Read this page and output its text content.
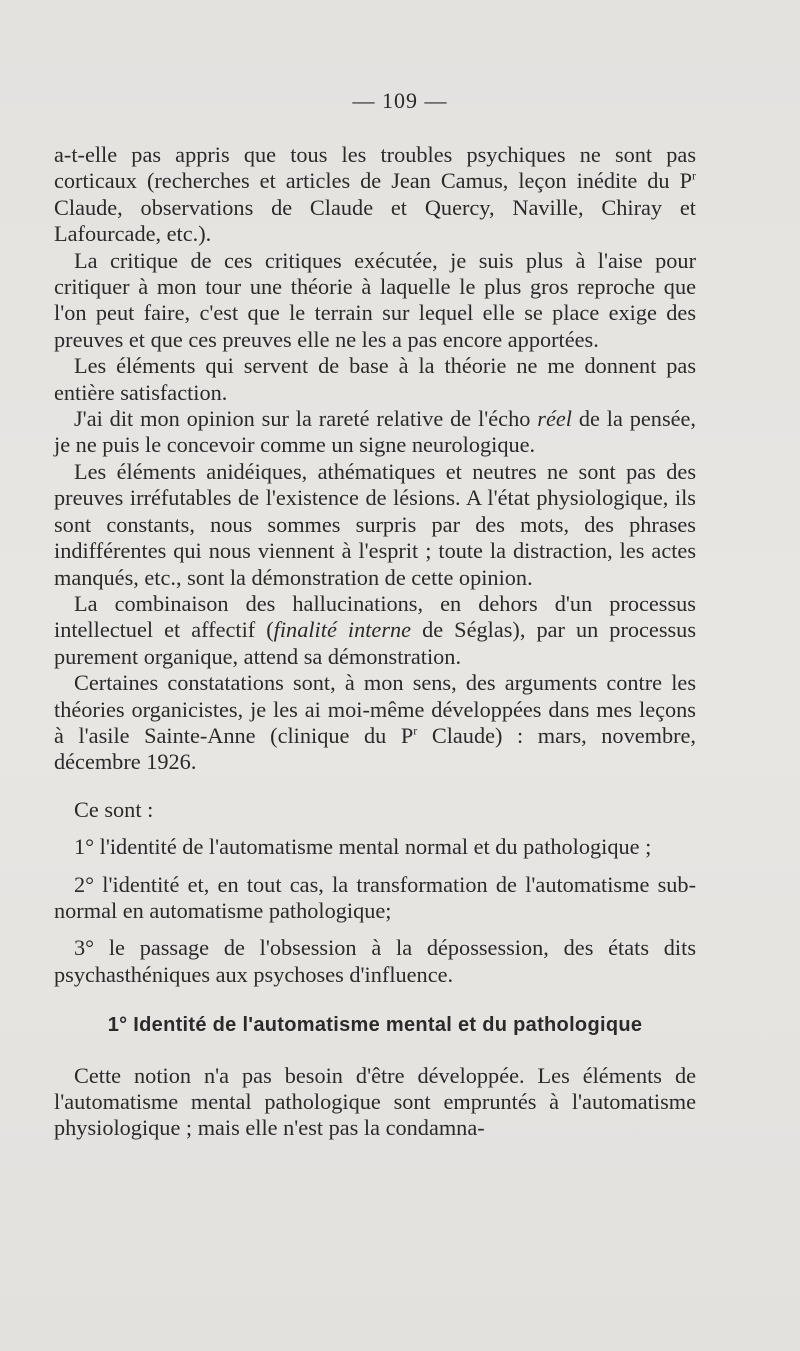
— 109 —

a-t-elle pas appris que tous les troubles psychiques ne sont pas corticaux (recherches et articles de Jean Camus, leçon inédite du $P^r$ Claude, observations de Claude et Quercy, Naville, Chiray et Lafourcade, etc.).

La critique de ces critiques exécutée, je suis plus à l'aise pour critiquer à mon tour une théorie à laquelle le plus gros reproche que l'on peut faire, c'est que le terrain sur lequel elle se place exige des preuves et que ces preuves elle ne les a pas encore apportées.

Les éléments qui servent de base à la théorie ne me donnent pas entière satisfaction.

J'ai dit mon opinion sur la rareté relative de l'écho réel de la pensée, je ne puis le concevoir comme un signe neurologique.

Les éléments anidéiques, athématiques et neutres ne sont pas des preuves irréfutables de l'existence de lésions. A l'état physiologique, ils sont constants, nous sommes surpris par des mots, des phrases indifférentes qui nous viennent à l'esprit ; toute la distraction, les actes manqués, etc., sont la démonstration de cette opinion.

La combinaison des hallucinations, en dehors d'un processus intellectuel et affectif (finalité interne de Séglas), par un processus purement organique, attend sa démonstration.

Certaines constatations sont, à mon sens, des arguments contre les théories organicistes, je les ai moi-même développées dans mes leçons à l'asile Sainte-Anne (clinique du $P^r$ Claude) : mars, novembre, décembre 1926.

Ce sont :

1° l'identité de l'automatisme mental normal et du pathologique ;

2° l'identité et, en tout cas, la transformation de l'automatisme sub-normal en automatisme pathologique;

3° le passage de l'obsession à la dépossession, des états dits psychasthéniques aux psychoses d'influence.

1° Identité de l'automatisme mental et du pathologique

Cette notion n'a pas besoin d'être développée. Les éléments de l'automatisme mental pathologique sont empruntés à l'automatisme physiologique ; mais elle n'est pas la condamna-
